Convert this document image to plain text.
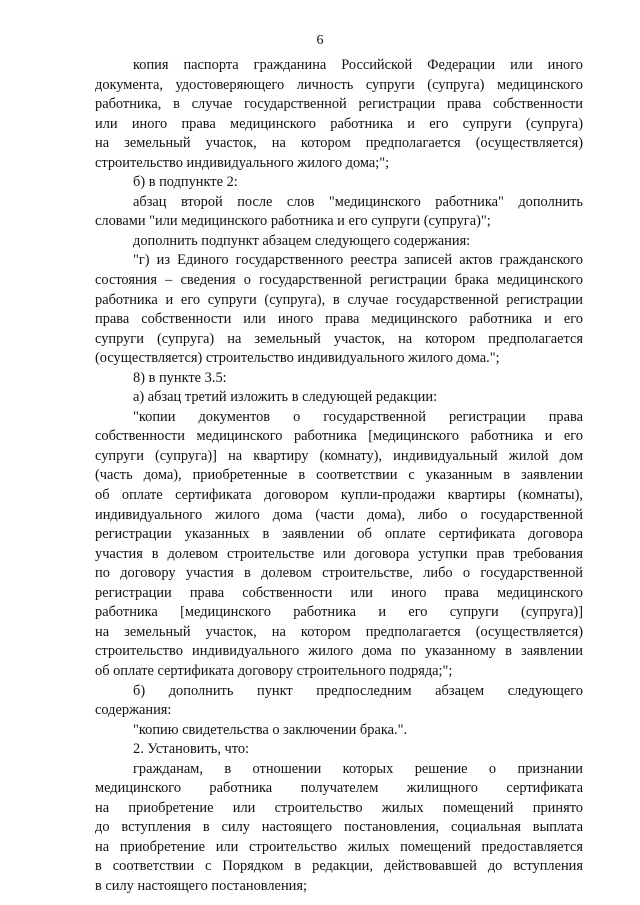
6
копия паспорта гражданина Российской Федерации или иного
документа, удостоверяющего личность супруги (супруга) медицинского
работника, в случае государственной регистрации права собственности
или иного права медицинского работника и его супруги (супруга)
на земельный участок, на котором предполагается (осуществляется)
строительство индивидуального жилого дома;";
б) в подпункте 2:
абзац второй после слов "медицинского работника" дополнить
словами "или медицинского работника и его супруги (супруга)";
дополнить подпункт абзацем следующего содержания:
"г) из Единого государственного реестра записей актов гражданского
состояния – сведения о государственной регистрации брака медицинского
работника и его супруги (супруга), в случае государственной регистрации
права собственности или иного права медицинского работника и его
супруги (супруга) на земельный участок, на котором предполагается
(осуществляется) строительство индивидуального жилого дома.";
8) в пункте 3.5:
а) абзац третий изложить в следующей редакции:
"копии документов о государственной регистрации права
собственности медицинского работника [медицинского работника и его
супруги (супруга)] на квартиру (комнату), индивидуальный жилой дом
(часть дома), приобретенные в соответствии с указанным в заявлении
об оплате сертификата договором купли-продажи квартиры (комнаты),
индивидуального жилого дома (части дома), либо о государственной
регистрации указанных в заявлении об оплате сертификата договора
участия в долевом строительстве или договора уступки прав требования
по договору участия в долевом строительстве, либо о государственной
регистрации права собственности или иного права медицинского
работника [медицинского работника и его супруги (супруга)]
на земельный участок, на котором предполагается (осуществляется)
строительство индивидуального жилого дома по указанному в заявлении
об оплате сертификата договору строительного подряда;";
б) дополнить пункт предпоследним абзацем следующего
содержания:
"копию свидетельства о заключении брака.".
2. Установить, что:
гражданам, в отношении которых решение о признании
медицинского работника получателем жилищного сертификата
на приобретение или строительство жилых помещений принято
до вступления в силу настоящего постановления, социальная выплата
на приобретение или строительство жилых помещений предоставляется
в соответствии с Порядком в редакции, действовавшей до вступления
в силу настоящего постановления;
